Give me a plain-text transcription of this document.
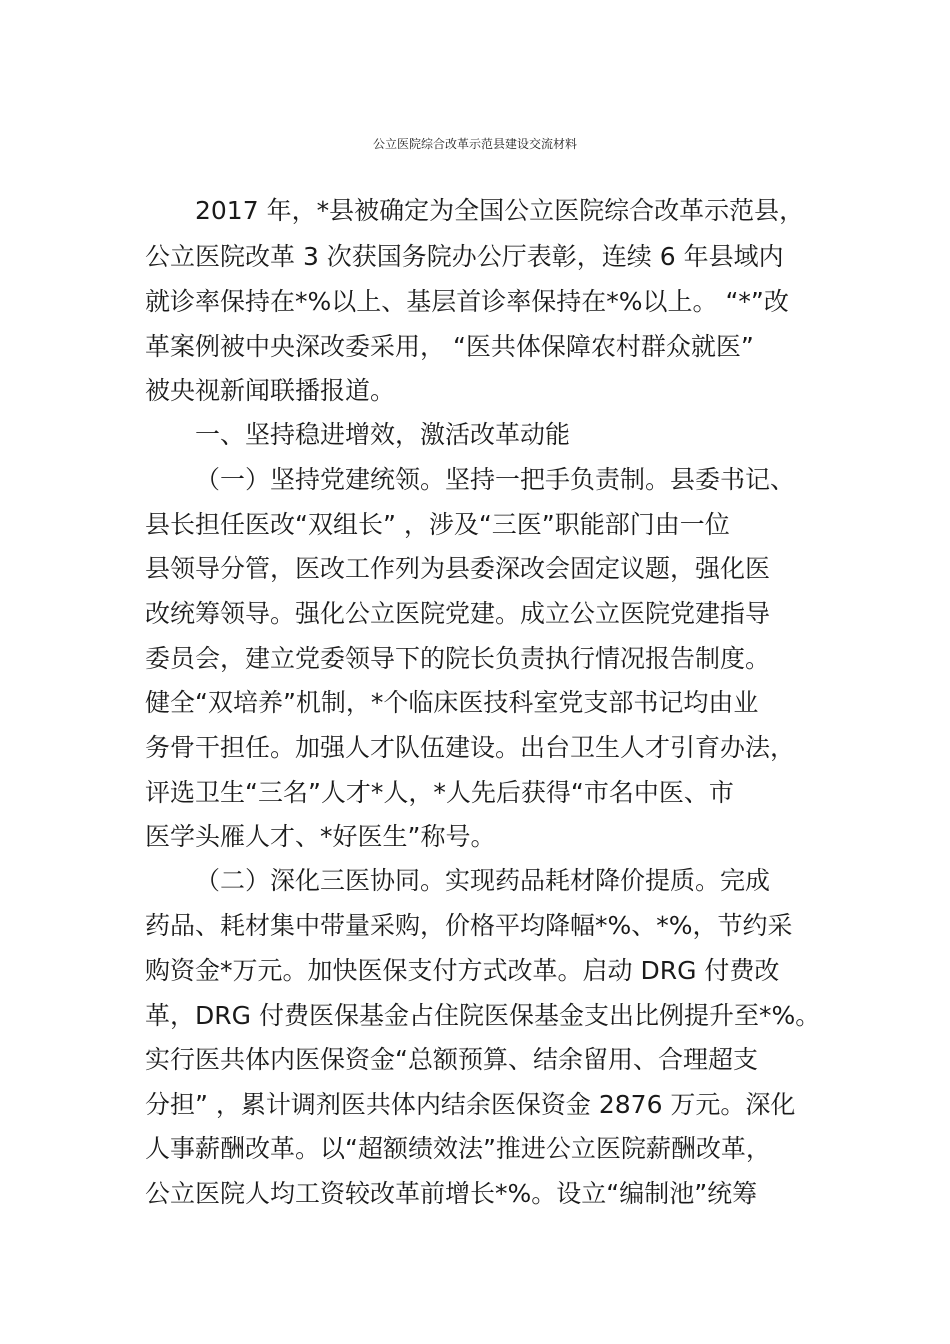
公立医院综合改革示范县建设交流材料
2017 年，*县被确定为全国公立医院综合改革示范县，
公立医院改革 3 次获国务院办公厅表彰，连续 6 年县域内
就诊率保持在*%以上、基层首诊率保持在*%以上。 “*”改
革案例被中央深改委采用， “医共体保障农村群众就医”
被央视新闻联播报道。
一、坚持稳进增效，激活改革动能
（一）坚持党建统领。坚持一把手负责制。县委书记、
县长担任医改“双组长” ，涉及“三医”职能部门由一位
县领导分管，医改工作列为县委深改会固定议题，强化医
改统筹领导。强化公立医院党建。成立公立医院党建指导
委员会，建立党委领导下的院长负责执行情况报告制度。
健全“双培养”机制，*个临床医技科室党支部书记均由业
务骨干担任。加强人才队伍建设。出台卫生人才引育办法，
评选卫生“三名”人才*人，*人先后获得“市名中医、市
医学头雁人才、*好医生”称号。
（二）深化三医协同。实现药品耗材降价提质。完成
药品、耗材集中带量采购，价格平均降幅*%、*%，节约采
购资金*万元。加快医保支付方式改革。启动 DRG 付费改
革，DRG 付费医保基金占住院医保基金支出比例提升至*%。
实行医共体内医保资金“总额预算、结余留用、合理超支
分担” ，累计调剂医共体内结余医保资金 2876 万元。深化
人事薪酬改革。以“超额绩效法”推进公立医院薪酬改革，
公立医院人均工资较改革前增长*%。设立“编制池”统筹
